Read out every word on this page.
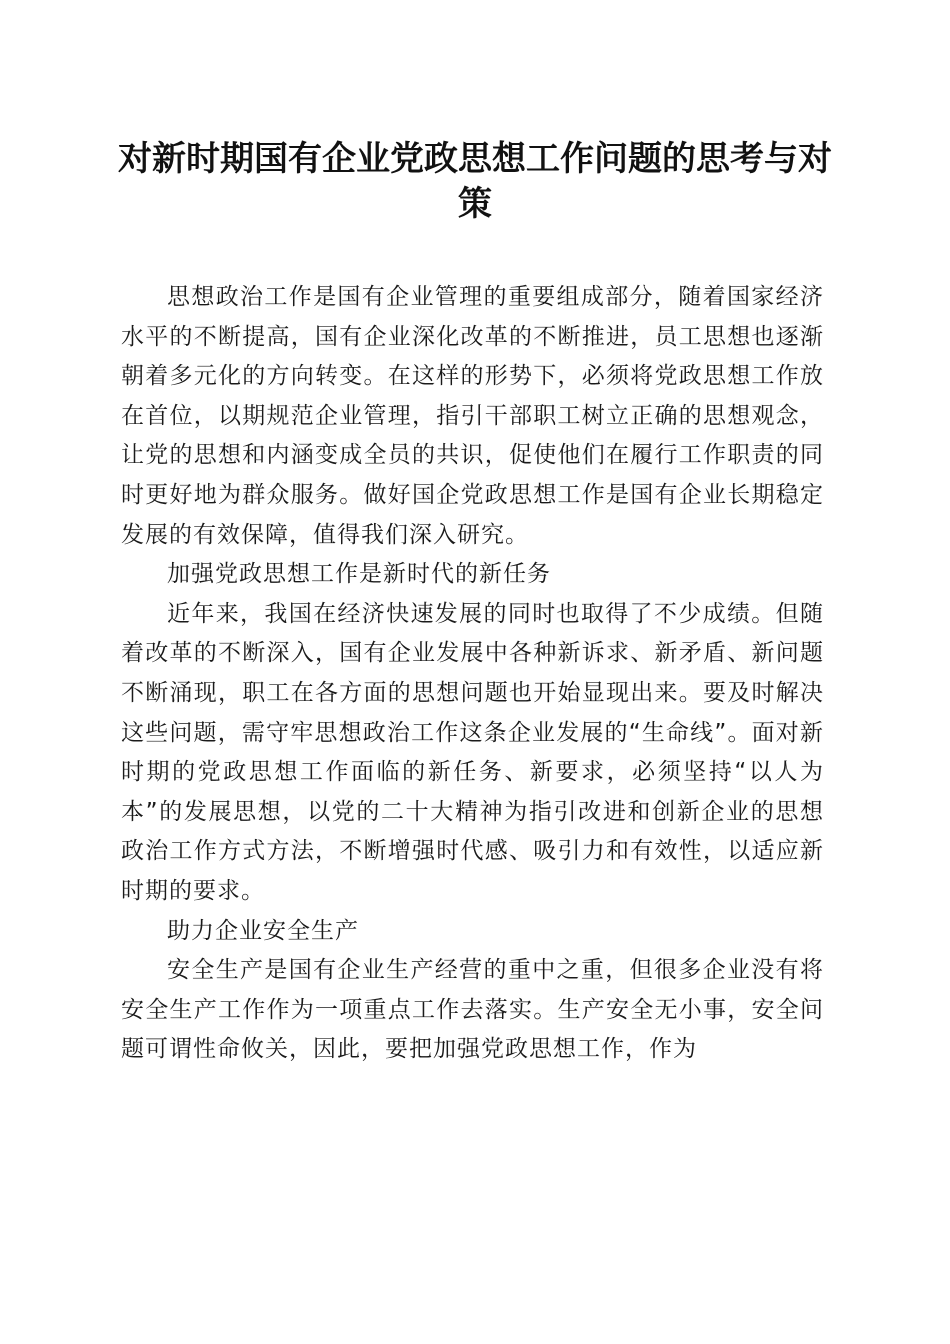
对新时期国有企业党政思想工作问题的思考与对策

思想政治工作是国有企业管理的重要组成部分，随着国家经济水平的不断提高，国有企业深化改革的不断推进，员工思想也逐渐朝着多元化的方向转变。在这样的形势下，必须将党政思想工作放在首位，以期规范企业管理，指引干部职工树立正确的思想观念，让党的思想和内涵变成全员的共识，促使他们在履行工作职责的同时更好地为群众服务。做好国企党政思想工作是国有企业长期稳定发展的有效保障，值得我们深入研究。

加强党政思想工作是新时代的新任务

近年来，我国在经济快速发展的同时也取得了不少成绩。但随着改革的不断深入，国有企业发展中各种新诉求、新矛盾、新问题不断涌现，职工在各方面的思想问题也开始显现出来。要及时解决这些问题，需守牢思想政治工作这条企业发展的“生命线”。面对新时期的党政思想工作面临的新任务、新要求，必须坚持“以人为本”的发展思想，以党的二十大精神为指引改进和创新企业的思想政治工作方式方法，不断增强时代感、吸引力和有效性，以适应新时期的要求。

助力企业安全生产

安全生产是国有企业生产经营的重中之重，但很多企业没有将安全生产工作作为一项重点工作去落实。生产安全无小事，安全问题可谓性命攸关，因此，要把加强党政思想工作，作为
